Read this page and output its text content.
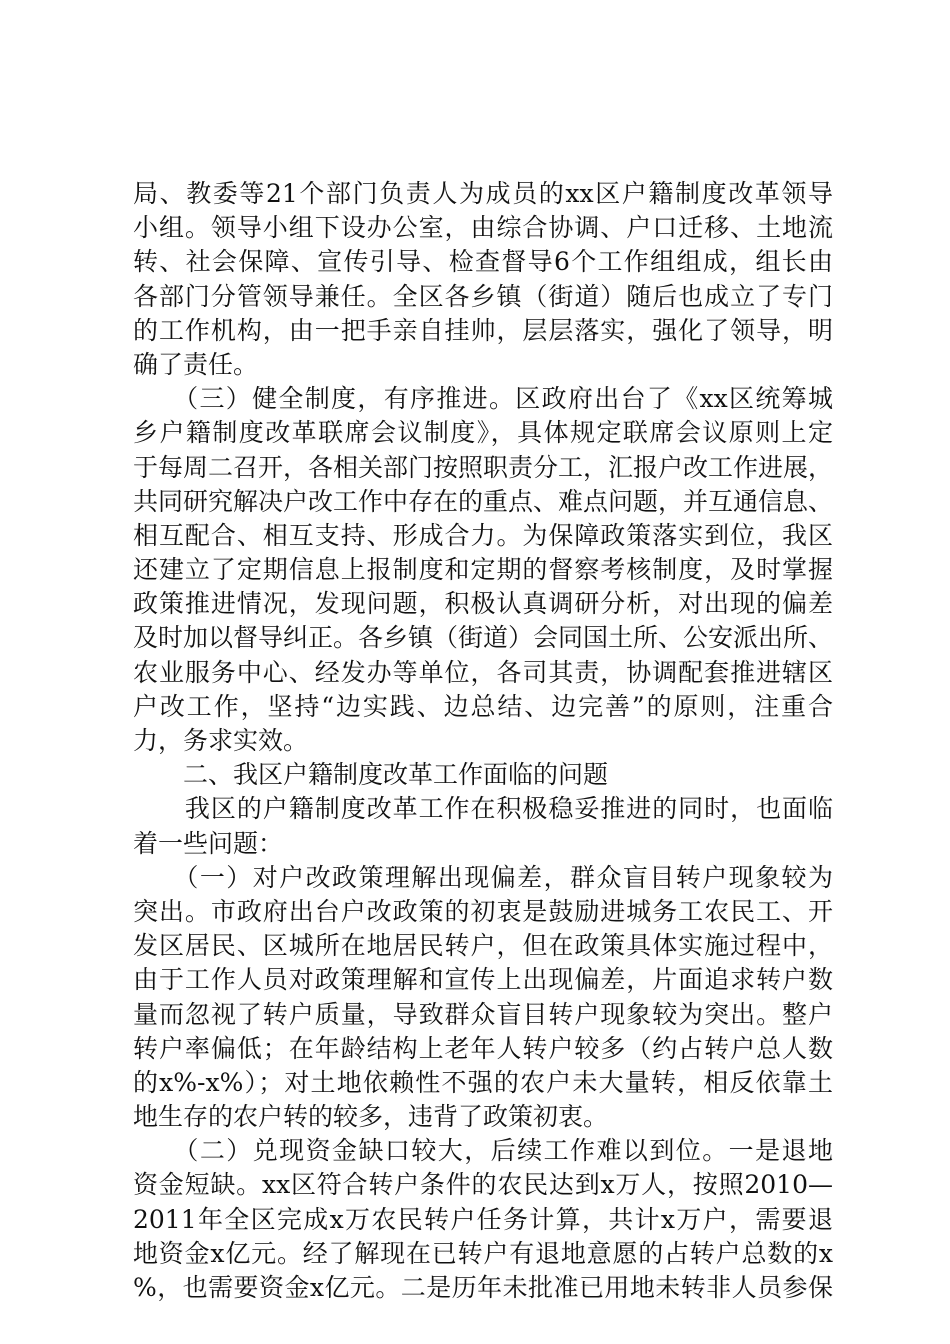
局、教委等21个部门负责人为成员的xx区户籍制度改革领导
小组。领导小组下设办公室，由综合协调、户口迁移、土地流
转、社会保障、宣传引导、检查督导6个工作组组成，组长由
各部门分管领导兼任。全区各乡镇（街道）随后也成立了专门
的工作机构，由一把手亲自挂帅，层层落实，强化了领导，明
确了责任。
　　（三）健全制度，有序推进。区政府出台了《xx区统筹城
乡户籍制度改革联席会议制度》，具体规定联席会议原则上定
于每周二召开，各相关部门按照职责分工，汇报户改工作进展，
共同研究解决户改工作中存在的重点、难点问题，并互通信息、
相互配合、相互支持、形成合力。为保障政策落实到位，我区
还建立了定期信息上报制度和定期的督察考核制度，及时掌握
政策推进情况，发现问题，积极认真调研分析，对出现的偏差
及时加以督导纠正。各乡镇（街道）会同国土所、公安派出所、
农业服务中心、经发办等单位，各司其责，协调配套推进辖区
户改工作，坚持“边实践、边总结、边完善”的原则，注重合
力，务求实效。
　　二、我区户籍制度改革工作面临的问题
　　我区的户籍制度改革工作在积极稳妥推进的同时，也面临
着一些问题：
　　（一）对户改政策理解出现偏差，群众盲目转户现象较为
突出。市政府出台户改政策的初衷是鼓励进城务工农民工、开
发区居民、区城所在地居民转户，但在政策具体实施过程中，
由于工作人员对政策理解和宣传上出现偏差，片面追求转户数
量而忽视了转户质量，导致群众盲目转户现象较为突出。整户
转户率偏低；在年龄结构上老年人转户较多（约占转户总人数
的x%-x%）；对土地依赖性不强的农户未大量转，相反依靠土
地生存的农户转的较多，违背了政策初衷。
　　（二）兑现资金缺口较大，后续工作难以到位。一是退地
资金短缺。xx区符合转户条件的农民达到x万人，按照2010—
2011年全区完成x万农民转户任务计算，共计x万户，需要退
地资金x亿元。经了解现在已转户有退地意愿的占转户总数的x
%，也需要资金x亿元。二是历年未批准已用地未转非人员参保
